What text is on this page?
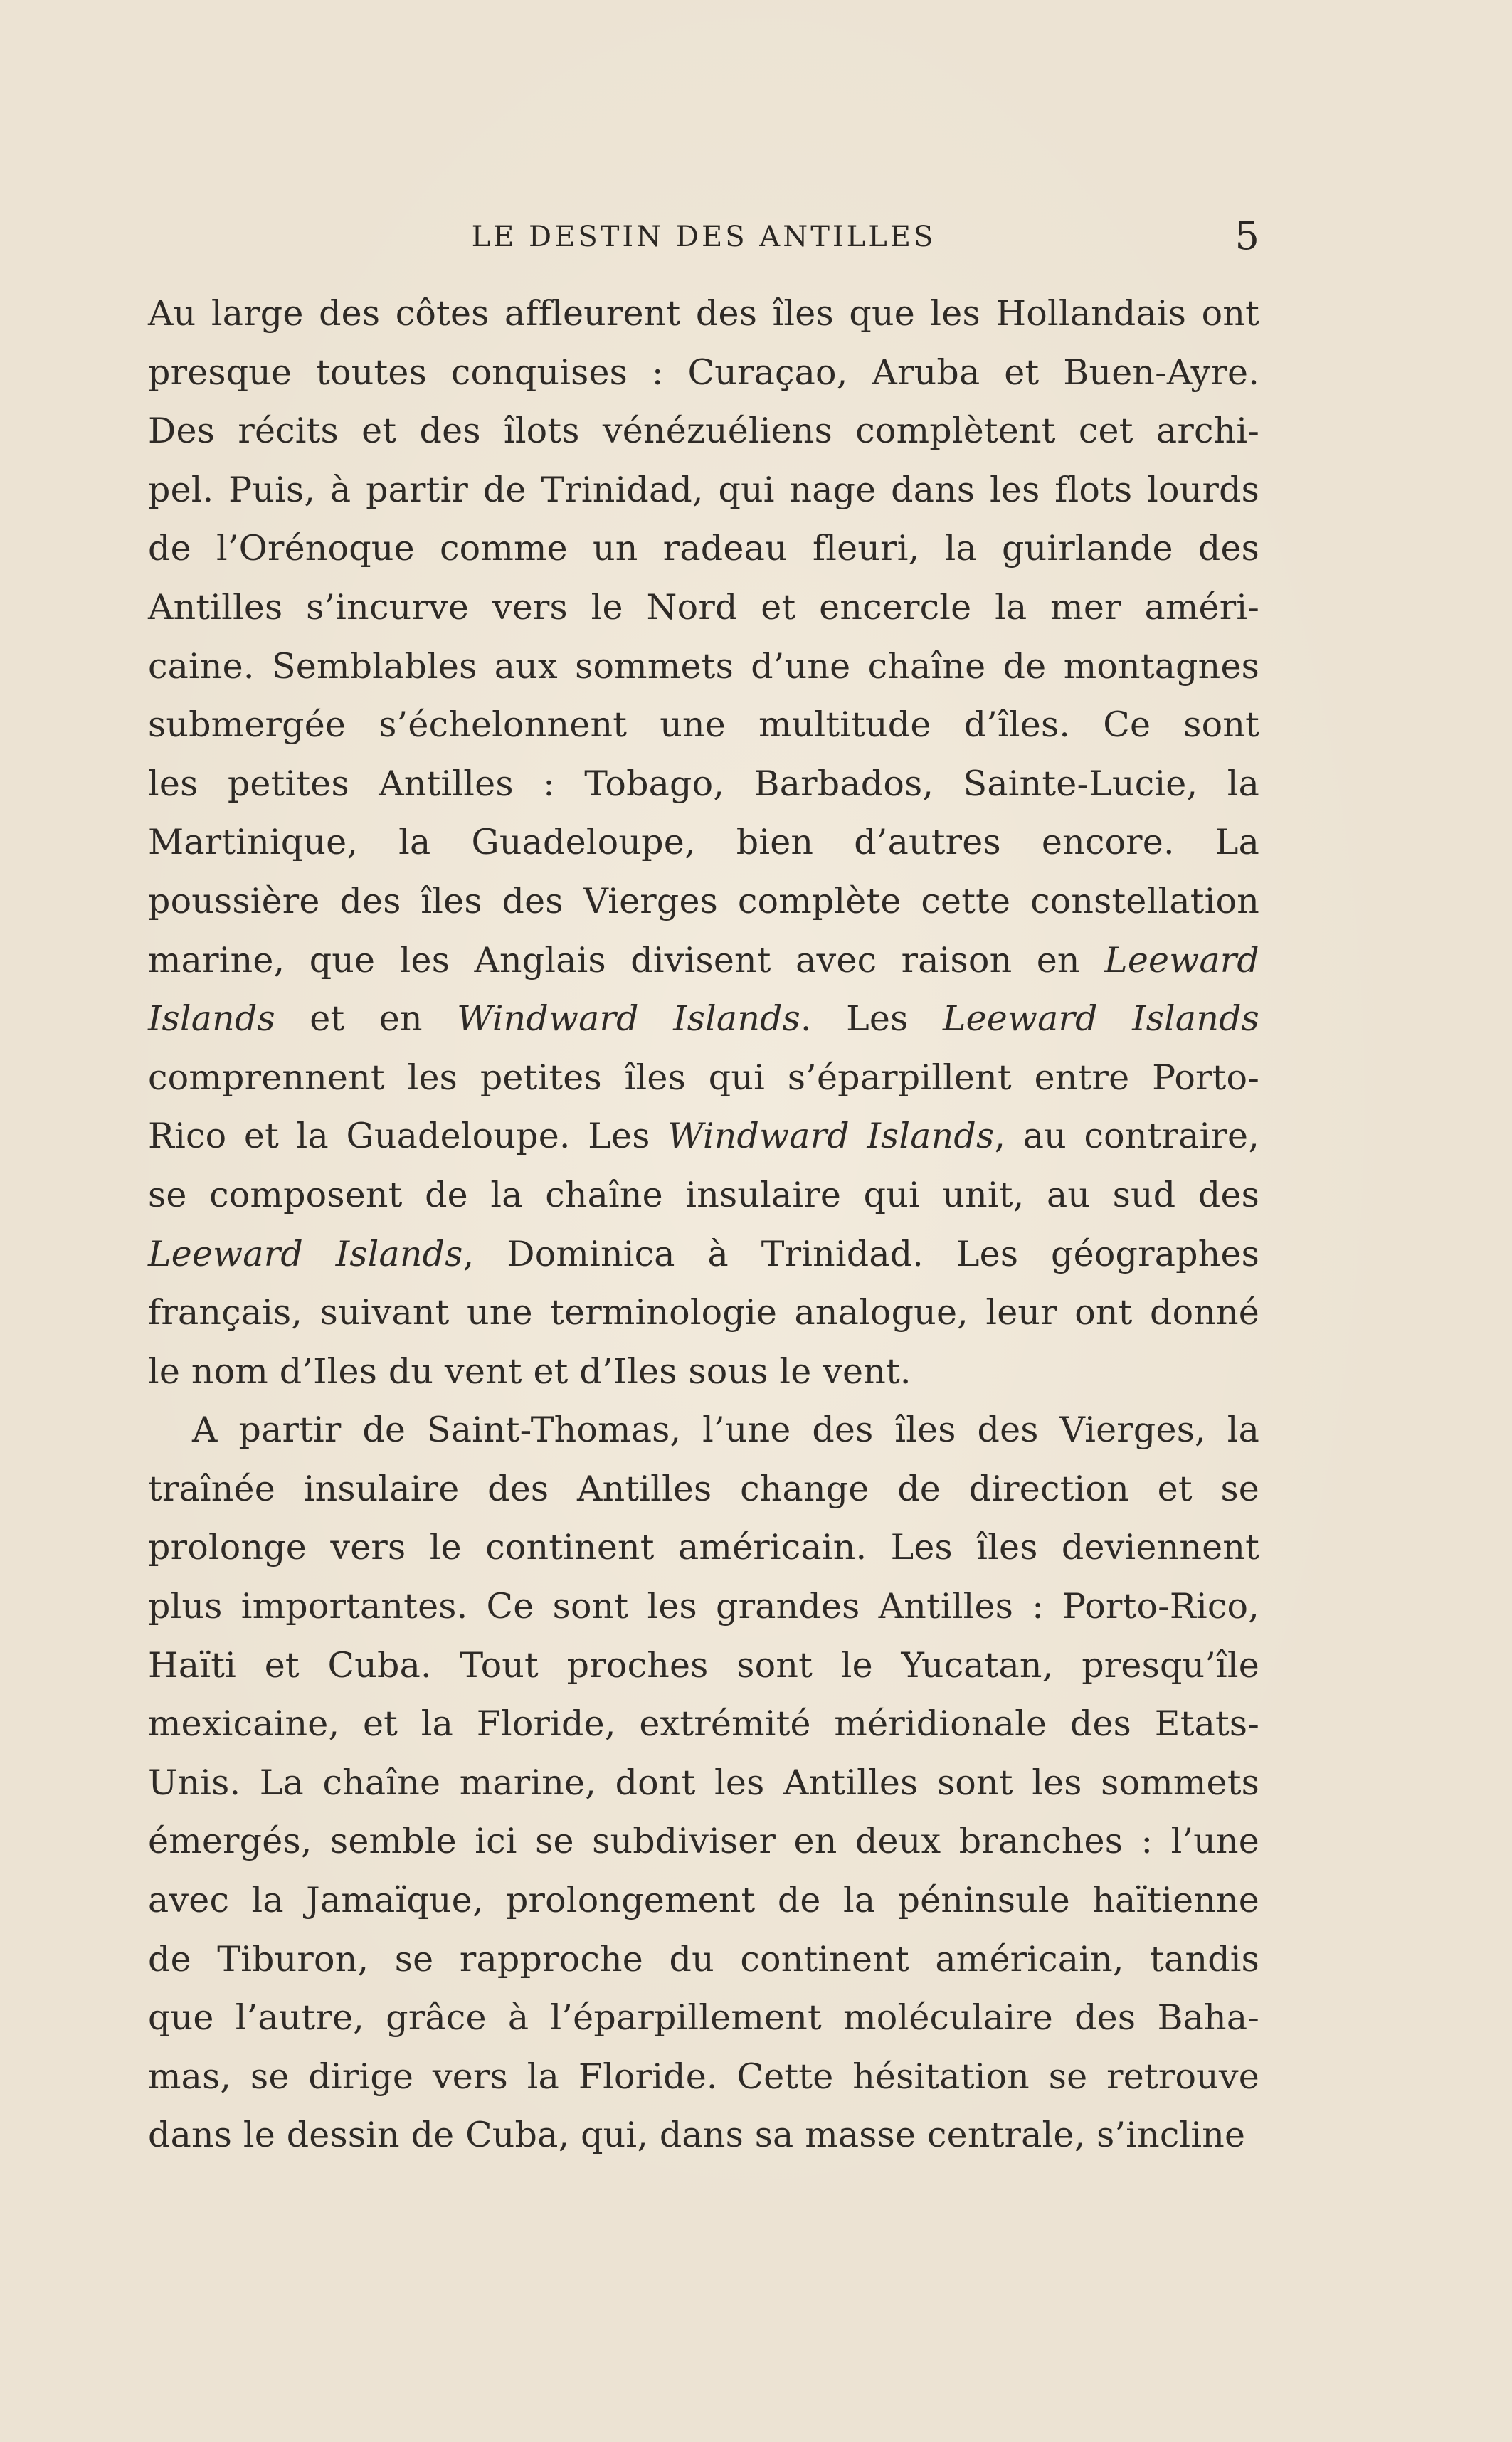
LE DESTIN DES ANTILLES	5
Au large des côtes affleurent des îles que les Hollandais ont
presque toutes conquises : Curaçao, Aruba et Buen-Ayre.
Des récits et des îlots vénézuéliens complètent cet archi-
pel. Puis, à partir de Trinidad, qui nage dans les flots lourds
de l’Orénoque comme un radeau fleuri, la guirlande des
Antilles s’incurve vers le Nord et encercle la mer améri-
caine. Semblables aux sommets d’une chaîne de montagnes
submergée s’échelonnent une multitude d’îles. Ce sont
les petites Antilles : Tobago, Barbados, Sainte-Lucie, la
Martinique, la Guadeloupe, bien d’autres encore. La
poussière des îles des Vierges complète cette constellation
marine, que les Anglais divisent avec raison en Leeward
Islands et en Windward Islands. Les Leeward Islands
comprennent les petites îles qui s’éparpillent entre Porto-
Rico et la Guadeloupe. Les Windward Islands, au contraire,
se composent de la chaîne insulaire qui unit, au sud des
Leeward Islands, Dominica à Trinidad. Les géographes
français, suivant une terminologie analogue, leur ont donné
le nom d’Iles du vent et d’Iles sous le vent.
A partir de Saint-Thomas, l’une des îles des Vierges, la
traînée insulaire des Antilles change de direction et se
prolonge vers le continent américain. Les îles deviennent
plus importantes. Ce sont les grandes Antilles : Porto-Rico,
Haïti et Cuba. Tout proches sont le Yucatan, presqu’île
mexicaine, et la Floride, extrémité méridionale des Etats-
Unis. La chaîne marine, dont les Antilles sont les sommets
émergés, semble ici se subdiviser en deux branches : l’une
avec la Jamaïque, prolongement de la péninsule haïtienne
de Tiburon, se rapproche du continent américain, tandis
que l’autre, grâce à l’éparpillement moléculaire des Baha-
mas, se dirige vers la Floride. Cette hésitation se retrouve
dans le dessin de Cuba, qui, dans sa masse centrale, s’incline
